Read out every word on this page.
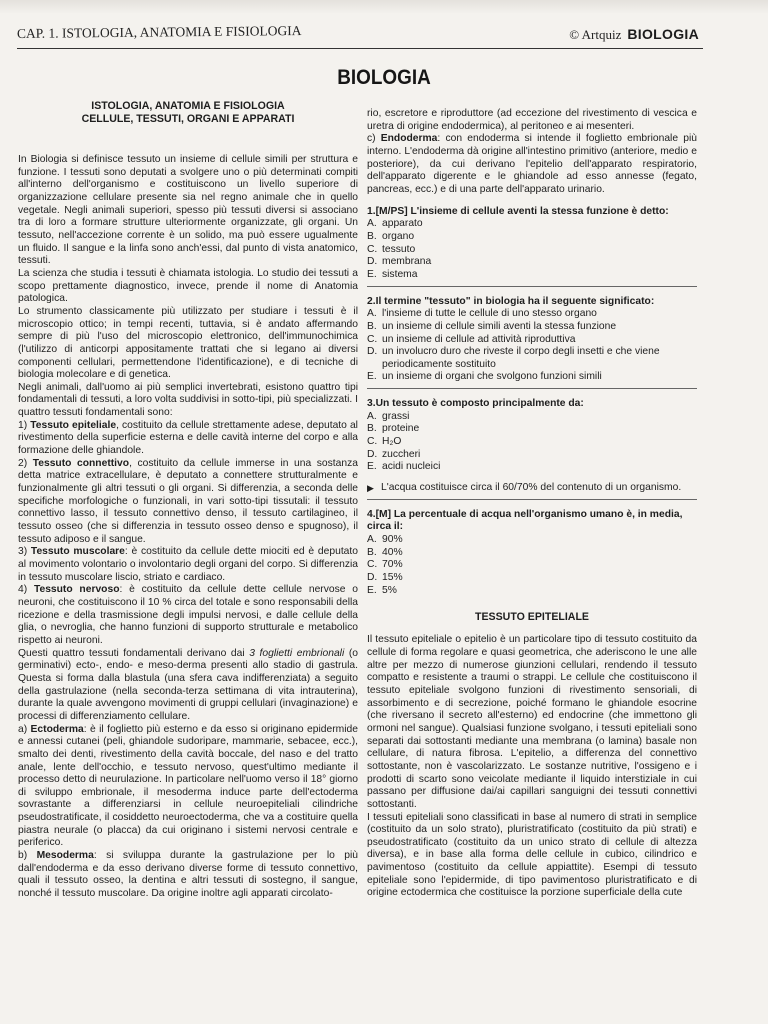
CAP. 1. ISTOLOGIA, ANATOMIA E FISIOLOGIA	© Artquiz BIOLOGIA
BIOLOGIA
ISTOLOGIA, ANATOMIA E FISIOLOGIA
CELLULE, TESSUTI, ORGANI E APPARATI
In Biologia si definisce tessuto un insieme di cellule simili per struttura e funzione. I tessuti sono deputati a svolgere uno o più determinati compiti all'interno dell'organismo e costituiscono un livello superiore di organizzazione cellulare presente sia nel regno animale che in quello vegetale. Negli animali superiori, spesso più tessuti diversi si associano tra di loro a formare strutture ulteriormente organizzate, gli organi. Un tessuto, nell'accezione corrente è un solido, ma può essere ugualmente un fluido. Il sangue e la linfa sono anch'essi, dal punto di vista anatomico, tessuti.
La scienza che studia i tessuti è chiamata istologia. Lo studio dei tessuti a scopo prettamente diagnostico, invece, prende il nome di Anatomia patologica.
Lo strumento classicamente più utilizzato per studiare i tessuti è il microscopio ottico; in tempi recenti, tuttavia, si è andato affermando sempre di più l'uso del microscopio elettronico, dell'immunochimica (l'utilizzo di anticorpi appositamente trattati che si legano ai diversi componenti cellulari, permettendone l'identificazione), e di tecniche di biologia molecolare e di genetica.
Negli animali, dall'uomo ai più semplici invertebrati, esistono quattro tipi fondamentali di tessuti, a loro volta suddivisi in sotto-tipi, più specializzati. I quattro tessuti fondamentali sono:
1) Tessuto epiteliale, costituito da cellule strettamente adese, deputato al rivestimento della superficie esterna e delle cavità interne del corpo e alla formazione delle ghiandole.
2) Tessuto connettivo, costituito da cellule immerse in una sostanza detta matrice extracellulare, è deputato a connettere strutturalmente e funzionalmente gli altri tessuti o gli organi. Si differenzia, a seconda delle specifiche morfologiche o funzionali, in vari sotto-tipi tissutali: il tessuto connettivo lasso, il tessuto connettivo denso, il tessuto cartilagineo, il tessuto osseo (che si differenzia in tessuto osseo denso e spugnoso), il tessuto adiposo e il sangue.
3) Tessuto muscolare: è costituito da cellule dette miociti ed è deputato al movimento volontario o involontario degli organi del corpo. Si differenzia in tessuto muscolare liscio, striato e cardiaco.
4) Tessuto nervoso: è costituito da cellule dette cellule nervose o neuroni, che costituiscono il 10 % circa del totale e sono responsabili della ricezione e della trasmissione degli impulsi nervosi, e dalle cellule della glia, o nevroglia, che hanno funzioni di supporto strutturale e metabolico rispetto ai neuroni.
Questi quattro tessuti fondamentali derivano dai 3 foglietti embrionali (o germinativi) ecto-, endo- e meso-derma presenti allo stadio di gastrula. Questa si forma dalla blastula (una sfera cava indifferenziata) a seguito della gastrulazione (nella seconda-terza settimana di vita intrauterina), durante la quale avvengono movimenti di gruppi cellulari (invaginazione) e processi di differenziamento cellulare.
a) Ectoderma: è il foglietto più esterno e da esso si originano epidermide e annessi cutanei (peli, ghiandole sudoripare, mammarie, sebacee, ecc.), smalto dei denti, rivestimento della cavità boccale, del naso e del tratto anale, lente dell'occhio, e tessuto nervoso, quest'ultimo mediante il processo detto di neurulazione. In particolare nell'uomo verso il 18° giorno di sviluppo embrionale, il mesoderma induce parte dell'ectoderma sovrastante a differenziarsi in cellule neuroepiteliali cilindriche pseudostratificate, il cosiddetto neuroectoderma, che va a costituire quella piastra neurale (o placca) da cui originano i sistemi nervosi centrale e periferico.
b) Mesoderma: si sviluppa durante la gastrulazione per lo più dall'endoderma e da esso derivano diverse forme di tessuto connettivo, quali il tessuto osseo, la dentina e altri tessuti di sostegno, il sangue, nonché il tessuto muscolare. Da origine inoltre agli apparati circolato-
rio, escretore e riproduttore (ad eccezione del rivestimento di vescica e uretra di origine endodermica), al peritoneo e ai mesenteri.
c) Endoderma: con endoderma si intende il foglietto embrionale più interno. L'endoderma dà origine all'intestino primitivo (anteriore, medio e posteriore), da cui derivano l'epitelio dell'apparato respiratorio, dell'apparato digerente e le ghiandole ad esso annesse (fegato, pancreas, ecc.) e di una parte dell'apparato urinario.
1.[M/PS] L'insieme di cellule aventi la stessa funzione è detto:
A. apparato
B. organo
C. tessuto
D. membrana
E. sistema
2.Il termine "tessuto" in biologia ha il seguente significato:
A. l'insieme di tutte le cellule di uno stesso organo
B. un insieme di cellule simili aventi la stessa funzione
C. un insieme di cellule ad attività riproduttiva
D. un involucro duro che riveste il corpo degli insetti e che viene periodicamente sostituito
E. un insieme di organi che svolgono funzioni simili
3.Un tessuto è composto principalmente da:
A. grassi
B. proteine
C. H₂O
D. zuccheri
E. acidi nucleici
▶ L'acqua costituisce circa il 60/70% del contenuto di un organismo.
4.[M] La percentuale di acqua nell'organismo umano è, in media, circa il:
A. 90%
B. 40%
C. 70%
D. 15%
E. 5%
TESSUTO EPITELIALE
Il tessuto epiteliale o epitelio è un particolare tipo di tessuto costituito da cellule di forma regolare e quasi geometrica, che aderiscono le une alle altre per mezzo di numerose giunzioni cellulari, rendendo il tessuto compatto e resistente a traumi o strappi. Le cellule che costituiscono il tessuto epiteliale svolgono funzioni di rivestimento sensoriali, di assorbimento e di secrezione, poiché formano le ghiandole esocrine (che riversano il secreto all'esterno) ed endocrine (che immettono gli ormoni nel sangue). Qualsiasi funzione svolgano, i tessuti epiteliali sono separati dai sottostanti mediante una membrana (o lamina) basale non cellulare, di natura fibrosa. L'epitelio, a differenza del connettivo sottostante, non è vascolarizzato. Le sostanze nutritive, l'ossigeno e i prodotti di scarto sono veicolate mediante il liquido interstiziale in cui passano per diffusione dai/ai capillari sanguigni dei tessuti connettivi sottostanti.
I tessuti epiteliali sono classificati in base al numero di strati in semplice (costituito da un solo strato), pluristratificato (costituito da più strati) e pseudostratificato (costituito da un unico strato di cellule di altezza diversa), e in base alla forma delle cellule in cubico, cilindrico e pavimentoso (costituito da cellule appiattite). Esempi di tessuto epiteliale sono l'epidermide, di tipo pavimentoso pluristratificato e di origine ectodermica che costituisce la porzione superficiale della cute
